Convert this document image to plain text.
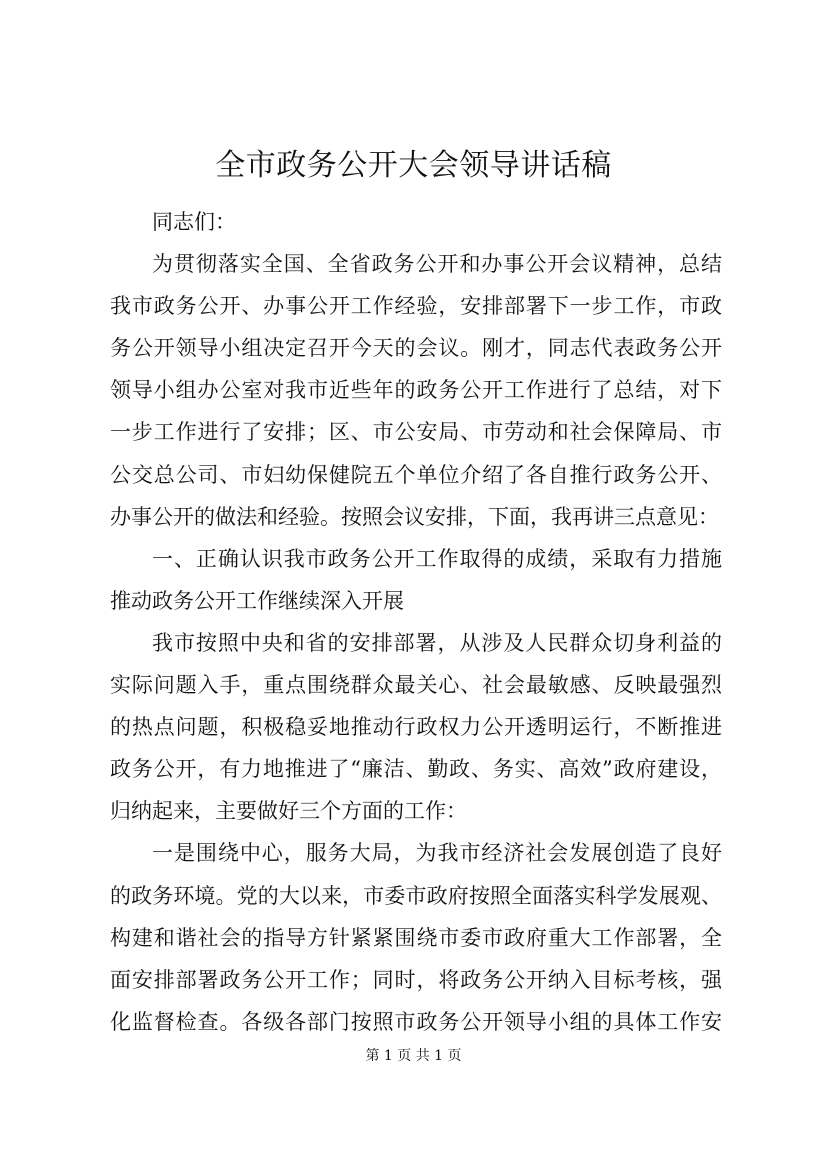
全市政务公开大会领导讲话稿
同志们：
为贯彻落实全国、全省政务公开和办事公开会议精神，总结
我市政务公开、办事公开工作经验，安排部署下一步工作，市政
务公开领导小组决定召开今天的会议。刚才，同志代表政务公开
领导小组办公室对我市近些年的政务公开工作进行了总结，对下
一步工作进行了安排；区、市公安局、市劳动和社会保障局、市
公交总公司、市妇幼保健院五个单位介绍了各自推行政务公开、
办事公开的做法和经验。按照会议安排，下面，我再讲三点意见：
一、正确认识我市政务公开工作取得的成绩，采取有力措施
推动政务公开工作继续深入开展
我市按照中央和省的安排部署，从涉及人民群众切身利益的
实际问题入手，重点围绕群众最关心、社会最敏感、反映最强烈
的热点问题，积极稳妥地推动行政权力公开透明运行，不断推进
政务公开，有力地推进了“廉洁、勤政、务实、高效”政府建设，
归纳起来，主要做好三个方面的工作：
一是围绕中心，服务大局，为我市经济社会发展创造了良好
的政务环境。党的大以来，市委市政府按照全面落实科学发展观、
构建和谐社会的指导方针紧紧围绕市委市政府重大工作部署，全
面安排部署政务公开工作；同时，将政务公开纳入目标考核，强
化监督检查。各级各部门按照市政务公开领导小组的具体工作安
第 1 页 共 1 页
